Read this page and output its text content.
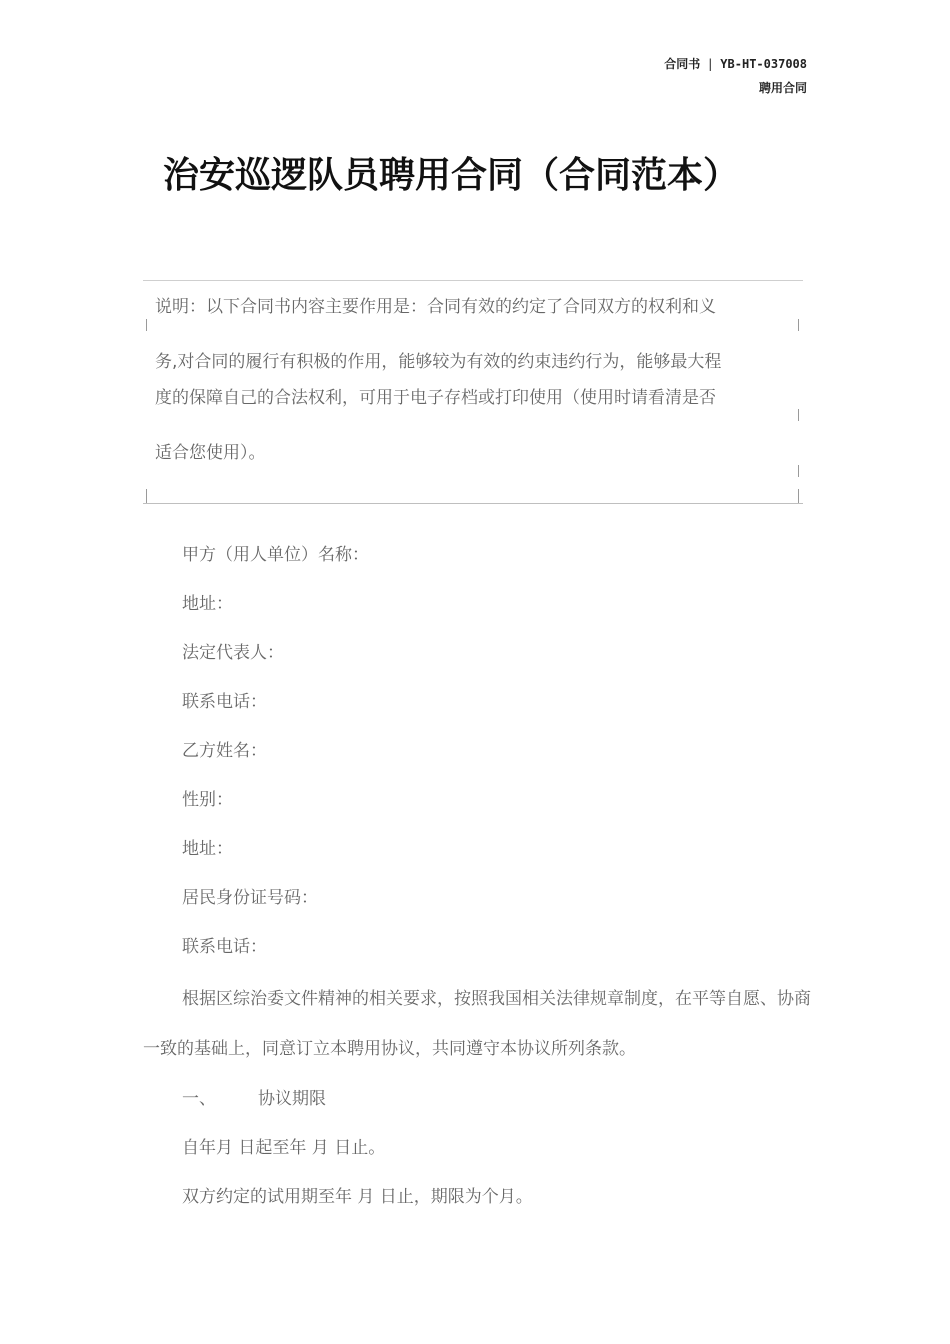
合同书 | YB-HT-037008
聘用合同
治安巡逻队员聘用合同（合同范本）
说明：以下合同书内容主要作用是：合同有效的约定了合同双方的权利和义
务,对合同的履行有积极的作用，能够较为有效的约束违约行为，能够最大程
度的保障自己的合法权利，可用于电子存档或打印使用（使用时请看清是否
适合您使用）。
甲方（用人单位）名称：
地址：
法定代表人：
联系电话：
乙方姓名：
性别：
地址：
居民身份证号码：
联系电话：

根据区综治委文件精神的相关要求，按照我国相关法律规章制度，在平等自愿、协商一致的基础上，同意订立本聘用协议，共同遵守本协议所列条款。

一、 协议期限
自年月 日起至年 月 日止。
双方约定的试用期至年 月 日止，期限为个月。
